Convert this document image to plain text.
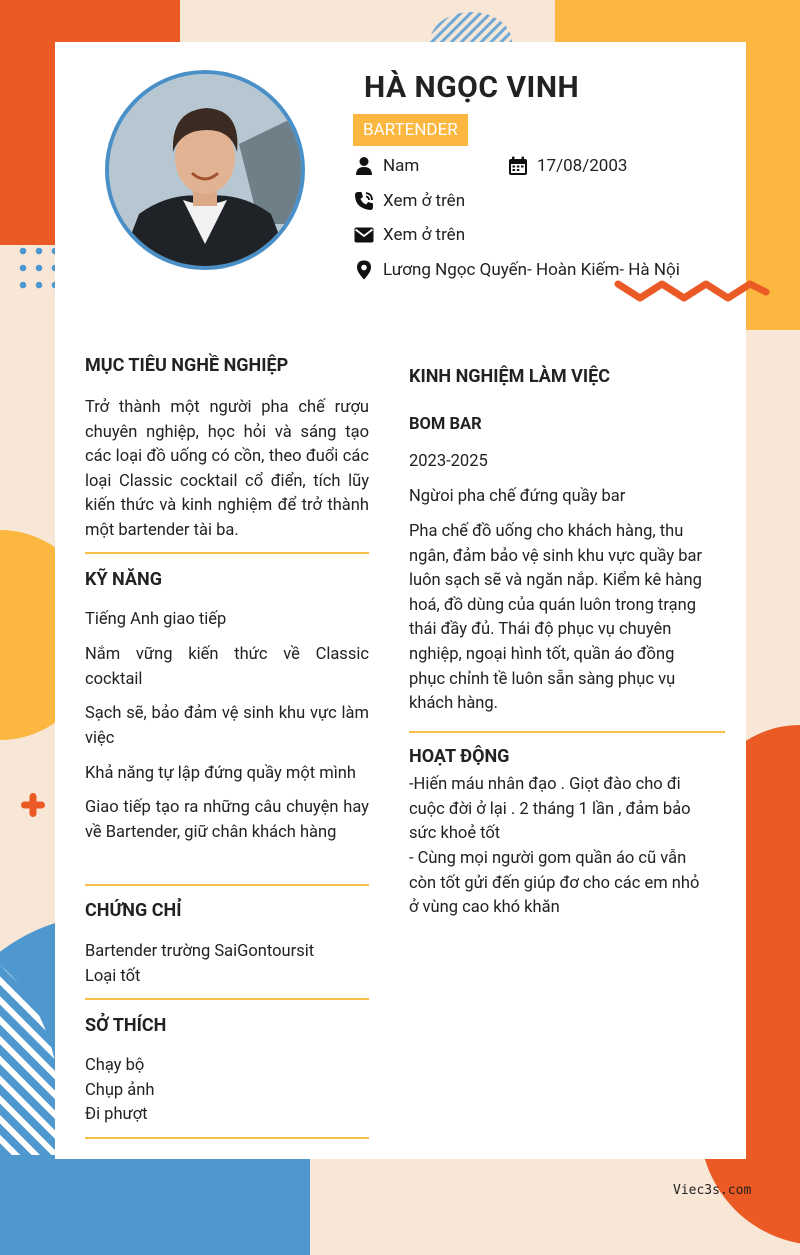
HÀ NGỌC VINH
BARTENDER
Nam	17/08/2003
Xem ở trên
Xem ở trên
Lương Ngọc Quyến- Hoàn Kiếm- Hà Nội
MỤC TIÊU NGHỀ NGHIỆP

Trở thành một người pha chế rượu chuyên nghiệp, học hỏi và sáng tạo các loại đồ uống có cồn, theo đuổi các loại Classic cocktail cổ điển, tích lũy kiến thức và kinh nghiệm để trở thành một bartender tài ba.

KỸ NĂNG
Tiếng Anh giao tiếp
Nắm vững kiến thức về Classic cocktail
Sạch sẽ, bảo đảm vệ sinh khu vực làm việc
Khả năng tự lập đứng quầy một mình
Giao tiếp tạo ra những câu chuyện hay về Bartender, giữ chân khách hàng
CHỨNG CHỈ
Bartender trường SaiGontoursit
Loại tốt
SỞ THÍCH
Chạy bộ
Chụp ảnh
Đi phượt
KINH NGHIỆM LÀM VIỆC
BOM BAR
2023-2025
Ngừoi pha chế đứng quầy bar

Pha chế đồ uống cho khách hàng, thu ngân, đảm bảo vệ sinh khu vực quầy bar luôn sạch sẽ và ngăn nắp. Kiểm kê hàng hoá, đồ dùng của quán luôn trong trạng thái đầy đủ. Thái độ phục vụ chuyên nghiệp, ngoại hình tốt, quần áo đồng phục chỉnh tề luôn sẵn sàng phục vụ khách hàng.

HOẠT ĐỘNG
-Hiến máu nhân đạo . Giọt đào cho đi cuộc đời ở lại . 2 tháng 1 lần , đảm bảo sức khoẻ tốt
- Cùng mọi người gom quần áo cũ vẫn còn tốt gửi đến giúp đơ cho các em nhỏ ở vùng cao khó khăn
Viec3s.com
